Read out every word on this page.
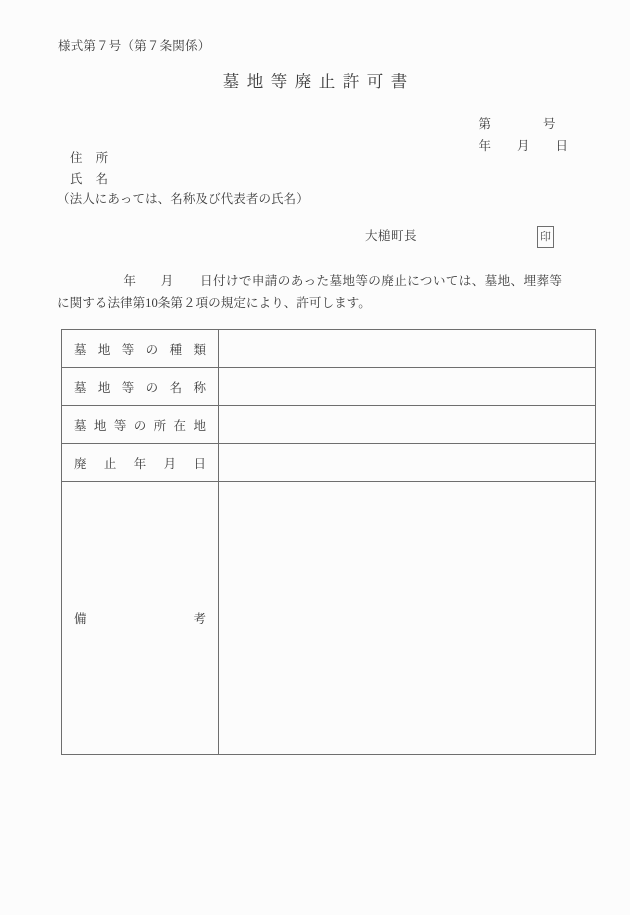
様式第７号（第７条関係）
墓地等廃止許可書

第	号

年 月 日

住　所
氏　名
（法人にあっては、名称及び代表者の氏名）
大槌町長	印
年 月 日付けで申請のあった墓地等の廃止については、墓地、埋葬等に関する法律第10条第２項の規定により、許可します。
墓 地 等 の 種 類

墓 地 等 の 名 称

墓 地 等 の 所 在 地

廃 止 年 月 日	

備 考	
